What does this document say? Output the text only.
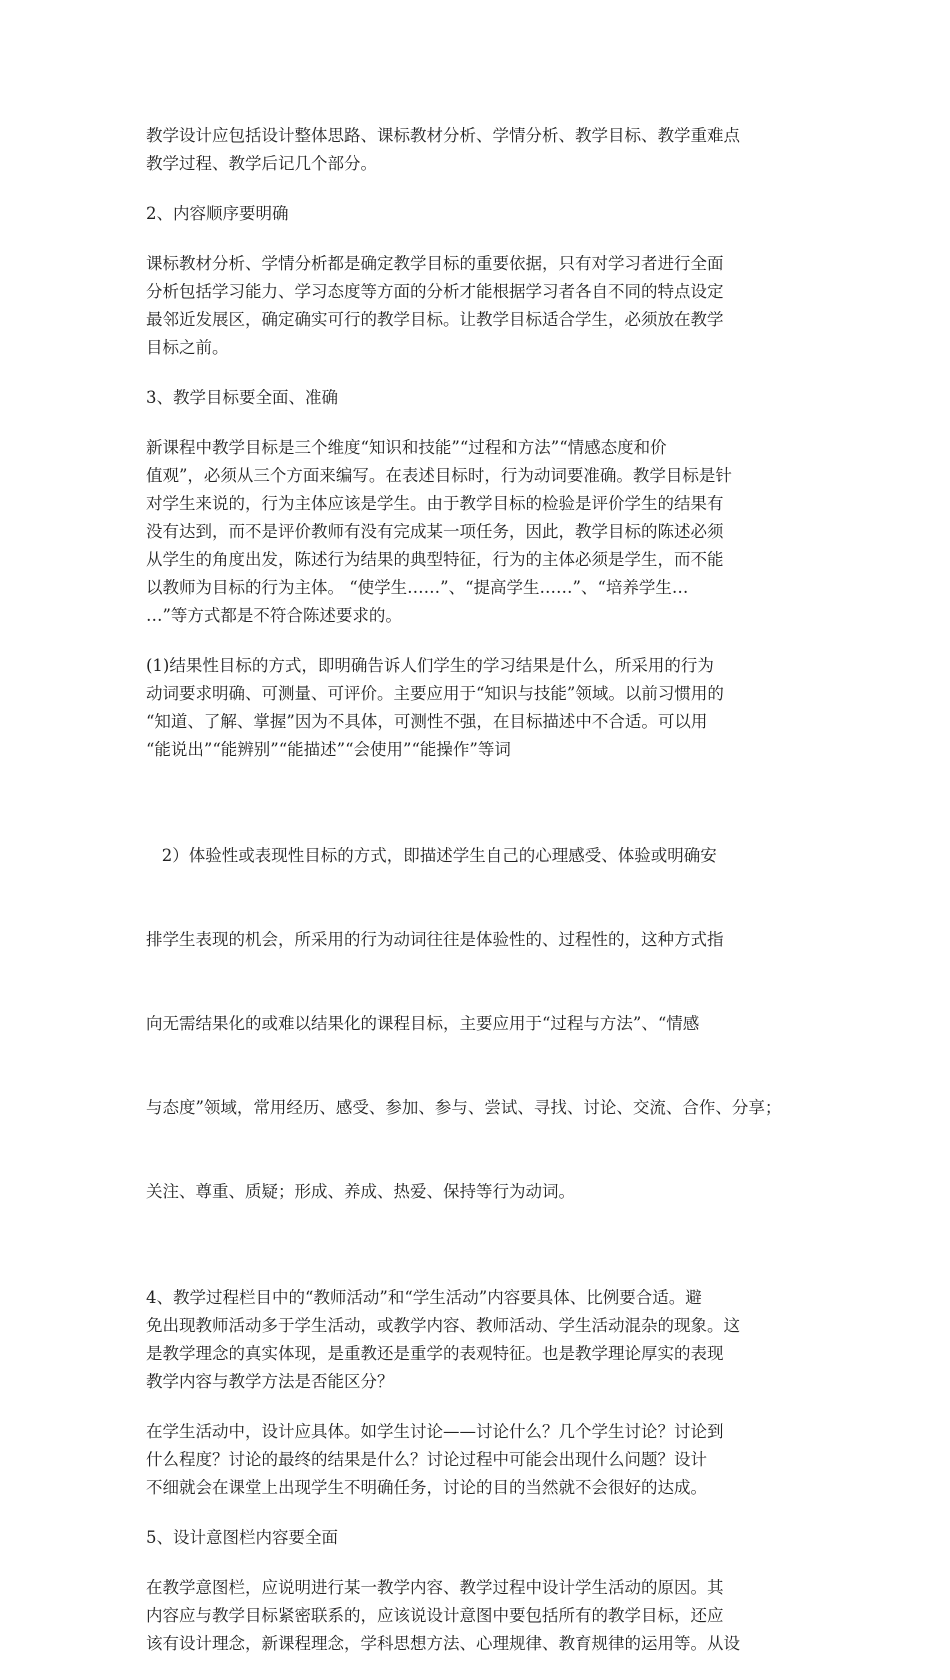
教学设计应包括设计整体思路、课标教材分析、学情分析、教学目标、教学重难点
教学过程、教学后记几个部分。
2、内容顺序要明确
课标教材分析、学情分析都是确定教学目标的重要依据，只有对学习者进行全面
分析包括学习能力、学习态度等方面的分析才能根据学习者各自不同的特点设定
最邻近发展区，确定确实可行的教学目标。让教学目标适合学生，必须放在教学
目标之前。
3、教学目标要全面、准确
新课程中教学目标是三个维度“知识和技能”“过程和方法”“情感态度和价
值观”，必须从三个方面来编写。在表述目标时，行为动词要准确。教学目标是针
对学生来说的，行为主体应该是学生。由于教学目标的检验是评价学生的结果有
没有达到，而不是评价教师有没有完成某一项任务，因此，教学目标的陈述必须
从学生的角度出发，陈述行为结果的典型特征，行为的主体必须是学生，而不能
以教师为目标的行为主体。 “使学生……”、“提高学生……”、“培养学生…
…”等方式都是不符合陈述要求的。
(1)结果性目标的方式，即明确告诉人们学生的学习结果是什么，所采用的行为
动词要求明确、可测量、可评价。主要应用于“知识与技能”领域。以前习惯用的
“知道、了解、掌握”因为不具体，可测性不强，在目标描述中不合适。可以用
“能说出”“能辨别”“能描述”“会使用”“能操作”等词

2）体验性或表现性目标的方式，即描述学生自己的心理感受、体验或明确安

排学生表现的机会，所采用的行为动词往往是体验性的、过程性的，这种方式指

向无需结果化的或难以结果化的课程目标，主要应用于“过程与方法”、“情感

与态度”领域，常用经历、感受、参加、参与、尝试、寻找、讨论、交流、合作、分享；

关注、尊重、质疑；形成、养成、热爱、保持等行为动词。

4、教学过程栏目中的“教师活动”和“学生活动”内容要具体、比例要合适。避
免出现教师活动多于学生活动，或教学内容、教师活动、学生活动混杂的现象。这
是教学理念的真实体现，是重教还是重学的表观特征。也是教学理论厚实的表现
教学内容与教学方法是否能区分？
在学生活动中，设计应具体。如学生讨论——讨论什么？几个学生讨论？讨论到
什么程度？讨论的最终的结果是什么？讨论过程中可能会出现什么问题？设计
不细就会在课堂上出现学生不明确任务，讨论的目的当然就不会很好的达成。
5、设计意图栏内容要全面
在教学意图栏，应说明进行某一教学内容、教学过程中设计学生活动的原因。其
内容应与教学目标紧密联系的，应该说设计意图中要包括所有的教学目标，还应
该有设计理念，新课程理念，学科思想方法、心理规律、教育规律的运用等。从设
